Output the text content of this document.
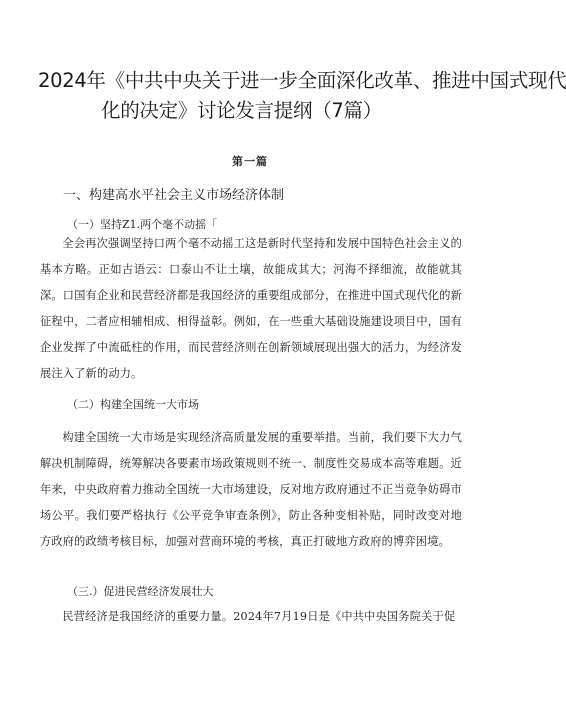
2024年《中共中央关于进一步全面深化改革、推进中国式现代
化的决定》讨论发言提纲（7篇）
第一篇
一、构建高水平社会主义市场经济体制
（一）坚持Z1.两个毫不动摇「
全会再次强调坚持口两个毫不动摇工这是新时代坚持和发展中国特色社会主义的基本方略。正如古语云：口泰山不让土壤，故能成其大；河海不择细流，故能就其深。口国有企业和民营经济都是我国经济的重要组成部分，在推进中国式现代化的新征程中，二者应相辅相成、相得益彰。例如，在一些重大基础设施建设项目中，国有企业发挥了中流砥柱的作用，而民营经济则在创新领域展现出强大的活力，为经济发展注入了新的动力。
（二）构建全国统一大市场
构建全国统一大市场是实现经济高质量发展的重要举措。当前，我们要下大力气解决机制障碍，统筹解决各要素市场政策规则不统一、制度性交易成本高等难题。近年来，中央政府着力推动全国统一大市场建设，反对地方政府通过不正当竞争妨碍市场公平。我们要严格执行《公平竞争审查条例》，防止各种变相补贴，同时改变对地方政府的政绩考核目标，加强对营商环境的考核，真正打破地方政府的博弈困境。
（三.）促进民营经济发展壮大
民营经济是我国经济的重要力量。2024年7月19日是《中共中央国务院关于促
